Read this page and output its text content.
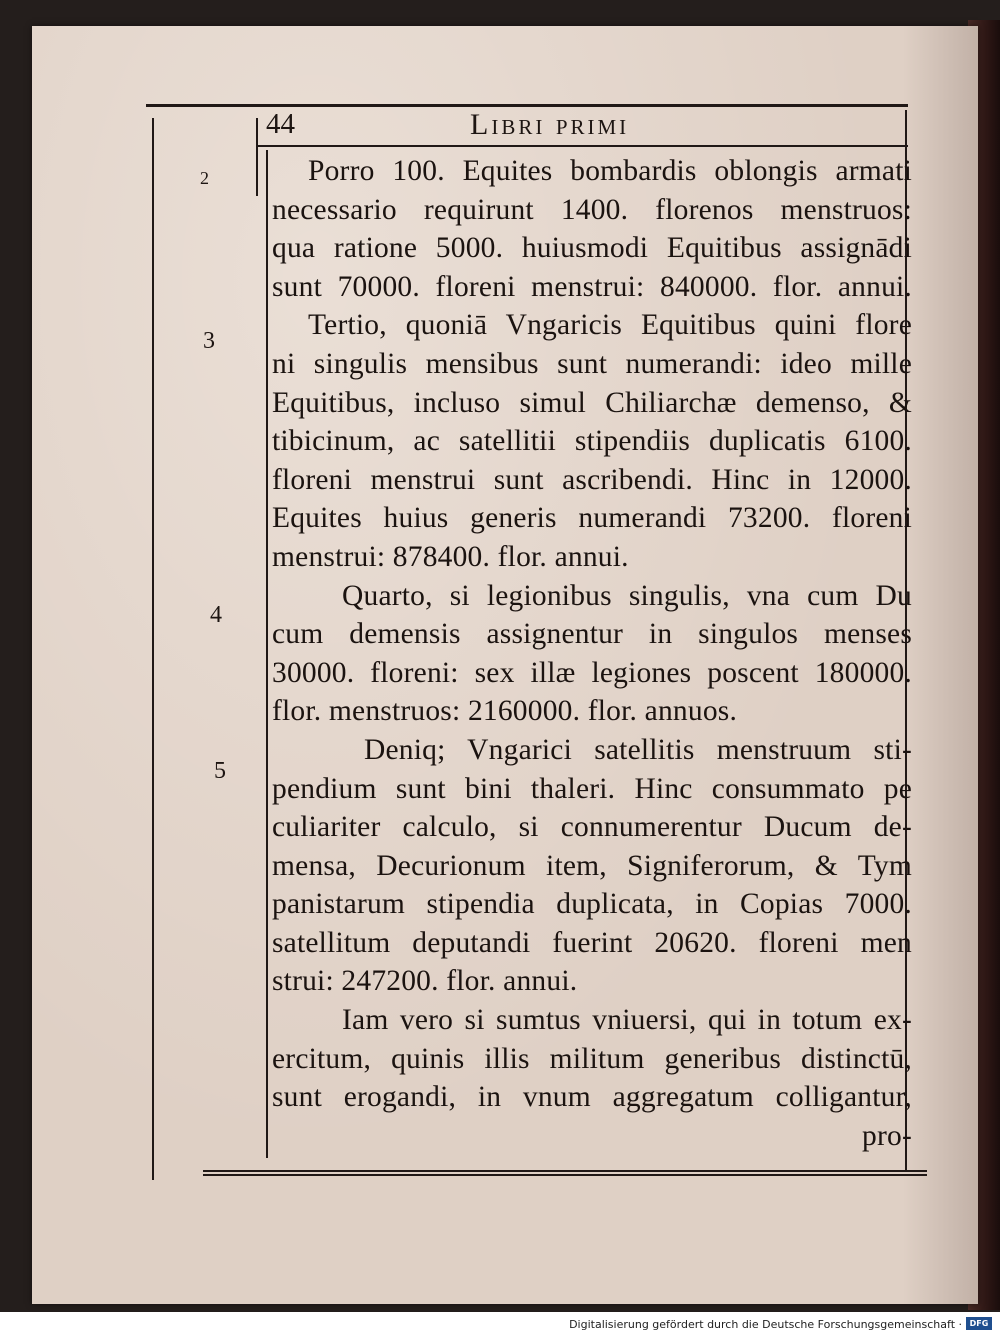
44	Libri primi
2
3
4
5
Porro 100. Equites bombardis oblongis armati
necessario requirunt 1400. florenos menstruos:
qua ratione 5000. huiusmodi Equitibus assignādi
sunt 70000. floreni menstrui: 840000. flor. annui.
Tertio, quoniā Vngaricis Equitibus quini flore
ni singulis mensibus sunt numerandi: ideo mille
Equitibus, incluso simul Chiliarchæ demenso, &
tibicinum, ac satellitii stipendiis duplicatis 6100.
floreni menstrui sunt ascribendi. Hinc in 12000.
Equites huius generis numerandi 73200. floreni
menstrui: 878400. flor. annui.
Quarto, si legionibus singulis, vna cum Du
cum demensis assignentur in singulos menses
30000. floreni: sex illæ legiones poscent 180000.
flor. menstruos: 2160000. flor. annuos.
Deniq; Vngarici satellitis menstruum sti-
pendium sunt bini thaleri. Hinc consummato pe
culiariter calculo, si connumerentur Ducum de-
mensa, Decurionum item, Signiferorum, & Tym
panistarum stipendia duplicata, in Copias 7000.
satellitum deputandi fuerint 20620. floreni men
strui: 247200. flor. annui.
Iam vero si sumtus vniuersi, qui in totum ex-
ercitum, quinis illis militum generibus distinctū,
sunt erogandi, in vnum aggregatum colligantur,
pro-
Digitalisierung gefördert durch die Deutsche Forschungsgemeinschaft · DFG
